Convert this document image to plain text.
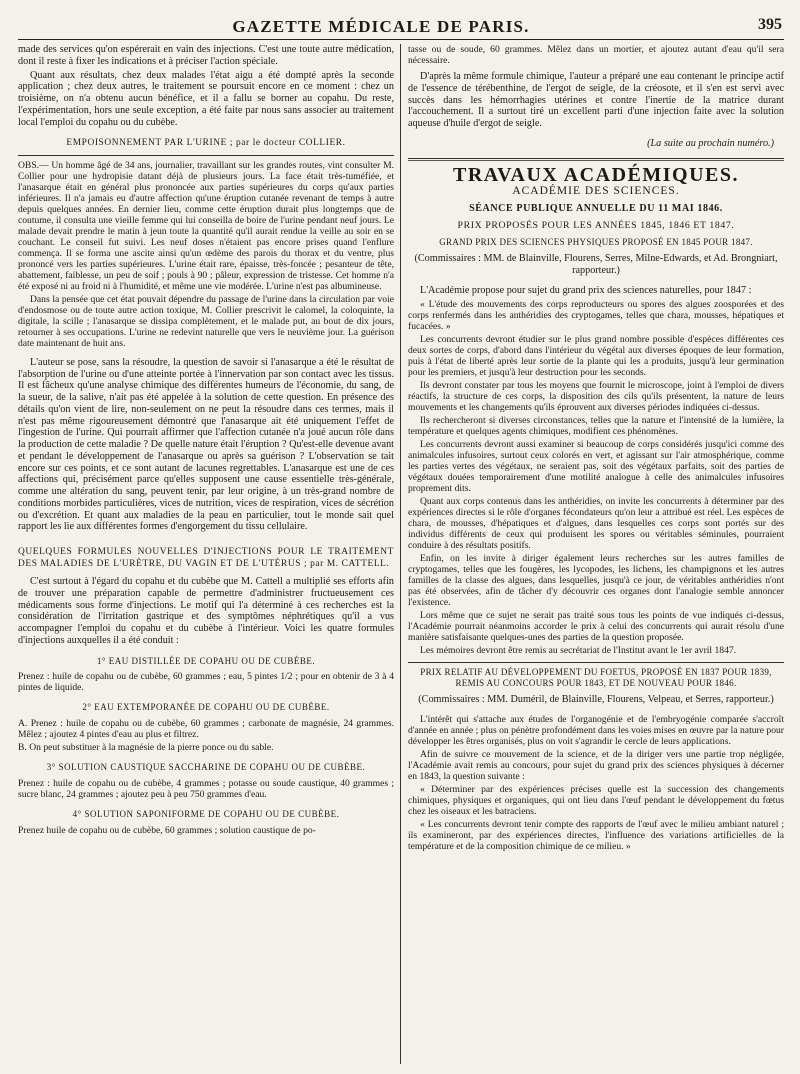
GAZETTE MÉDICALE DE PARIS.	395

made des services qu'on espérerait en vain des injections. C'est une toute autre médication, dont il reste à fixer les indications et à préciser l'action spéciale.

Quant aux résultats, chez deux malades l'état aigu a été dompté après la seconde application ; chez deux autres, le traitement se poursuit encore en ce moment : chez un troisième, on n'a obtenu aucun bénéfice, et il a fallu se borner au copahu. Du reste, l'expérimentation, hors une seule exception, a été faite par nous sans associer au traitement local l'emploi du copahu ou du cubèbe.

EMPOISONNEMENT PAR L'URINE ; par le docteur COLLIER.

OBS.— Un homme âgé de 34 ans, journalier, travaillant sur les grandes routes, vint consulter M. Collier pour une hydropisie datant déjà de plusieurs jours. La face était très-tuméfiée, et l'anasarque était en général plus prononcée aux parties supérieures du corps qu'aux parties inférieures. Il n'a jamais eu d'autre affection qu'une éruption cutanée revenant de temps à autre depuis quelques années. En dernier lieu, comme cette éruption durait plus longtemps que de coutume, il consulta une vieille femme qui lui conseilla de boire de l'urine pendant neuf jours. Le malade devait prendre le matin à jeun toute la quantité qu'il aurait rendue la veille au soir en se couchant. Le conseil fut suivi. Les neuf doses n'étaient pas encore prises quand l'enflure commença. Il se forma une ascite ainsi qu'un œdème des parois du thorax et du ventre, plus prononcé vers les parties supérieures. L'urine était rare, épaisse, très-foncée ; pesanteur de tête, abattement, faiblesse, un peu de soif ; pouls à 90 ; pâleur, expression de tristesse. Cet homme n'a été exposé ni au froid ni à l'humidité, et même une vie modérée. L'urine n'est pas albumineuse.

Dans la pensée que cet état pouvait dépendre du passage de l'urine dans la circulation par voie d'endosmose ou de toute autre action toxique, M. Collier prescrivit le calomel, la coloquinte, la digitale, la scille ; l'anasarque se dissipa complètement, et le malade put, au bout de dix jours, retourner à ses occupations. L'urine ne redevint naturelle que vers le neuvième jour. La guérison date maintenant de huit ans.

L'auteur se pose, sans la résoudre, la question de savoir si l'anasarque a été le résultat de l'absorption de l'urine ou d'une atteinte portée à l'innervation par son contact avec les tissus. Il est fâcheux qu'une analyse chimique des différentes humeurs de l'économie, du sang, de la sueur, de la salive, n'ait pas été appelée à la solution de cette question. En présence des détails qu'on vient de lire, non-seulement on ne peut la résoudre dans ces termes, mais il n'est pas même rigoureusement démontré que l'anasarque ait été uniquement l'effet de l'ingestion de l'urine. Qui pourrait affirmer que l'affection cutanée n'a joué aucun rôle dans la production de cette maladie ? De quelle nature était l'éruption ? Qu'est-elle devenue avant et pendant le développement de l'anasarque ou après sa guérison ? L'observation se tait encore sur ces points, et ce sont autant de lacunes regrettables. L'anasarque est une de ces affections qui, précisément parce qu'elles supposent une cause essentielle très-générale, comme une altération du sang, peuvent tenir, par leur origine, à un très-grand nombre de conditions morbides particulières, vices de nutrition, vices de respiration, vices de sécrétion ou d'excrétion. Et quant aux maladies de la peau en particulier, tout le monde sait quel rapport les lie aux différentes formes d'engorgement du tissu cellulaire.

QUELQUES FORMULES NOUVELLES D'INJECTIONS POUR LE TRAITEMENT DES MALADIES DE L'URÈTRE, DU VAGIN ET DE L'UTÉRUS ; par M. CATTELL.

C'est surtout à l'égard du copahu et du cubèbe que M. Cattell a multiplié ses efforts afin de trouver une préparation capable de permettre d'administrer fructueusement ces médicaments sous forme d'injections. Le motif qui l'a déterminé à ces recherches est la considération de l'irritation gastrique et des symptômes néphrétiques qu'il a vus accompagner l'emploi du copahu et du cubèbe à l'intérieur. Voici les quatre formules d'injections auxquelles il a été conduit :

1° EAU DISTILLÉE DE COPAHU OU DE CUBÈBE.

Prenez : huile de copahu ou de cubèbe, 60 grammes ; eau, 5 pintes 1/2 ; pour en obtenir de 3 à 4 pintes de liquide.

2° EAU EXTEMPORANÉE DE COPAHU OU DE CUBÈBE.

A. Prenez : huile de copahu ou de cubèbe, 60 grammes ; carbonate de magnésie, 24 grammes. Mêlez ; ajoutez 4 pintes d'eau au plus et filtrez.

B. On peut substituer à la magnésie de la pierre ponce ou du sable.

3° SOLUTION CAUSTIQUE SACCHARINE DE COPAHU OU DE CUBÈBE.

Prenez : huile de copahu ou de cubèbe, 4 grammes ; potasse ou soude caustique, 40 grammes ; sucre blanc, 24 grammes ; ajoutez peu à peu 750 grammes d'eau.

4° SOLUTION SAPONIFORME DE COPAHU OU DE CUBÈBE.

Prenez huile de copahu ou de cubèbe, 60 grammes ; solution caustique de po-

tasse ou de soude, 60 grammes. Mêlez dans un mortier, et ajoutez autant d'eau qu'il sera nécessaire.

D'après la même formule chimique, l'auteur a préparé une eau contenant le principe actif de l'essence de térébenthine, de l'ergot de seigle, de la créosote, et il s'en est servi avec succès dans les hémorrhagies utérines et contre l'inertie de la matrice durant l'accouchement. Il a surtout tiré un excellent parti d'une injection faite avec la solution aqueuse d'huile d'ergot de seigle.

(La suite au prochain numéro.)
TRAVAUX ACADÉMIQUES.
ACADÉMIE DES SCIENCES.
SÉANCE PUBLIQUE ANNUELLE DU 11 MAI 1846.
PRIX PROPOSÉS POUR LES ANNÉES 1845, 1846 ET 1847.
GRAND PRIX DES SCIENCES PHYSIQUES PROPOSÉ EN 1845 POUR 1847.

(Commissaires : MM. de Blainville, Flourens, Serres, Milne-Edwards, et Ad. Brongniart, rapporteur.)

L'Académie propose pour sujet du grand prix des sciences naturelles, pour 1847 :

« L'étude des mouvements des corps reproducteurs ou spores des algues zoosporées et des corps renfermés dans les anthéridies des cryptogames, telles que chara, mousses, hépatiques et fucacées. »

Les concurrents devront étudier sur le plus grand nombre possible d'espèces différentes ces deux sortes de corps, d'abord dans l'intérieur du végétal aux diverses époques de leur formation, puis à l'état de liberté après leur sortie de la plante qui les a produits, jusqu'à leur germination pour les premiers, et jusqu'à leur destruction pour les seconds.

Ils devront constater par tous les moyens que fournit le microscope, joint à l'emploi de divers réactifs, la structure de ces corps, la disposition des cils qu'ils présentent, la nature de leurs mouvements et les changements qu'ils éprouvent aux diverses périodes indiquées ci-dessus.

Ils rechercheront si diverses circonstances, telles que la nature et l'intensité de la lumière, la température et quelques agents chimiques, modifient ces phénomènes.

Les concurrents devront aussi examiner si beaucoup de corps considérés jusqu'ici comme des animalcules infusoires, surtout ceux colorés en vert, et agissant sur l'air atmosphérique, comme les parties vertes des végétaux, ne seraient pas, soit des végétaux parfaits, soit des parties de végétaux douées temporairement d'une motilité analogue à celle des animalcules infusoires proprement dits.

Quant aux corps contenus dans les anthéridies, on invite les concurrents à déterminer par des expériences directes si le rôle d'organes fécondateurs qu'on leur a attribué est réel. Les espèces de chara, de mousses, d'hépatiques et d'algues, dans lesquelles ces corps sont portés sur des individus différents de ceux qui produisent les spores ou véritables séminules, pourraient conduire à des résultats positifs.

Enfin, on les invite à diriger également leurs recherches sur les autres familles de cryptogames, telles que les fougères, les lycopodes, les lichens, les champignons et les autres familles de la classe des algues, dans lesquelles, jusqu'à ce jour, de véritables anthéridies n'ont pas été observées, afin de tâcher d'y découvrir ces organes dont l'analogie semble annoncer l'existence.

Lors même que ce sujet ne serait pas traité sous tous les points de vue indiqués ci-dessus, l'Académie pourrait néanmoins accorder le prix à celui des concurrents qui aurait résolu d'une manière satisfaisante quelques-unes des parties de la question proposée.

Les mémoires devront être remis au secrétariat de l'Institut avant le 1er avril 1847.

PRIX RELATIF AU DÉVELOPPEMENT DU FOETUS, PROPOSÉ EN 1837 POUR 1839, REMIS AU CONCOURS POUR 1843, ET DE NOUVEAU POUR 1846.

(Commissaires : MM. Duméril, de Blainville, Flourens, Velpeau, et Serres, rapporteur.)

L'intérêt qui s'attache aux études de l'organogénie et de l'embryogénie comparée s'accroît d'année en année ; plus on pénètre profondément dans les voies mises en œuvre par la nature pour développer les êtres organisés, plus on voit s'agrandir le cercle de leurs applications.

Afin de suivre ce mouvement de la science, et de la diriger vers une partie trop négligée, l'Académie avait remis au concours, pour sujet du grand prix des sciences physiques à décerner en 1843, la question suivante :

« Déterminer par des expériences précises quelle est la succession des changements chimiques, physiques et organiques, qui ont lieu dans l'œuf pendant le développement du fœtus chez les oiseaux et les batraciens.

« Les concurrents devront tenir compte des rapports de l'œuf avec le milieu ambiant naturel ; ils examineront, par des expériences directes, l'influence des variations artificielles de la température et de la composition chimique de ce milieu. »
